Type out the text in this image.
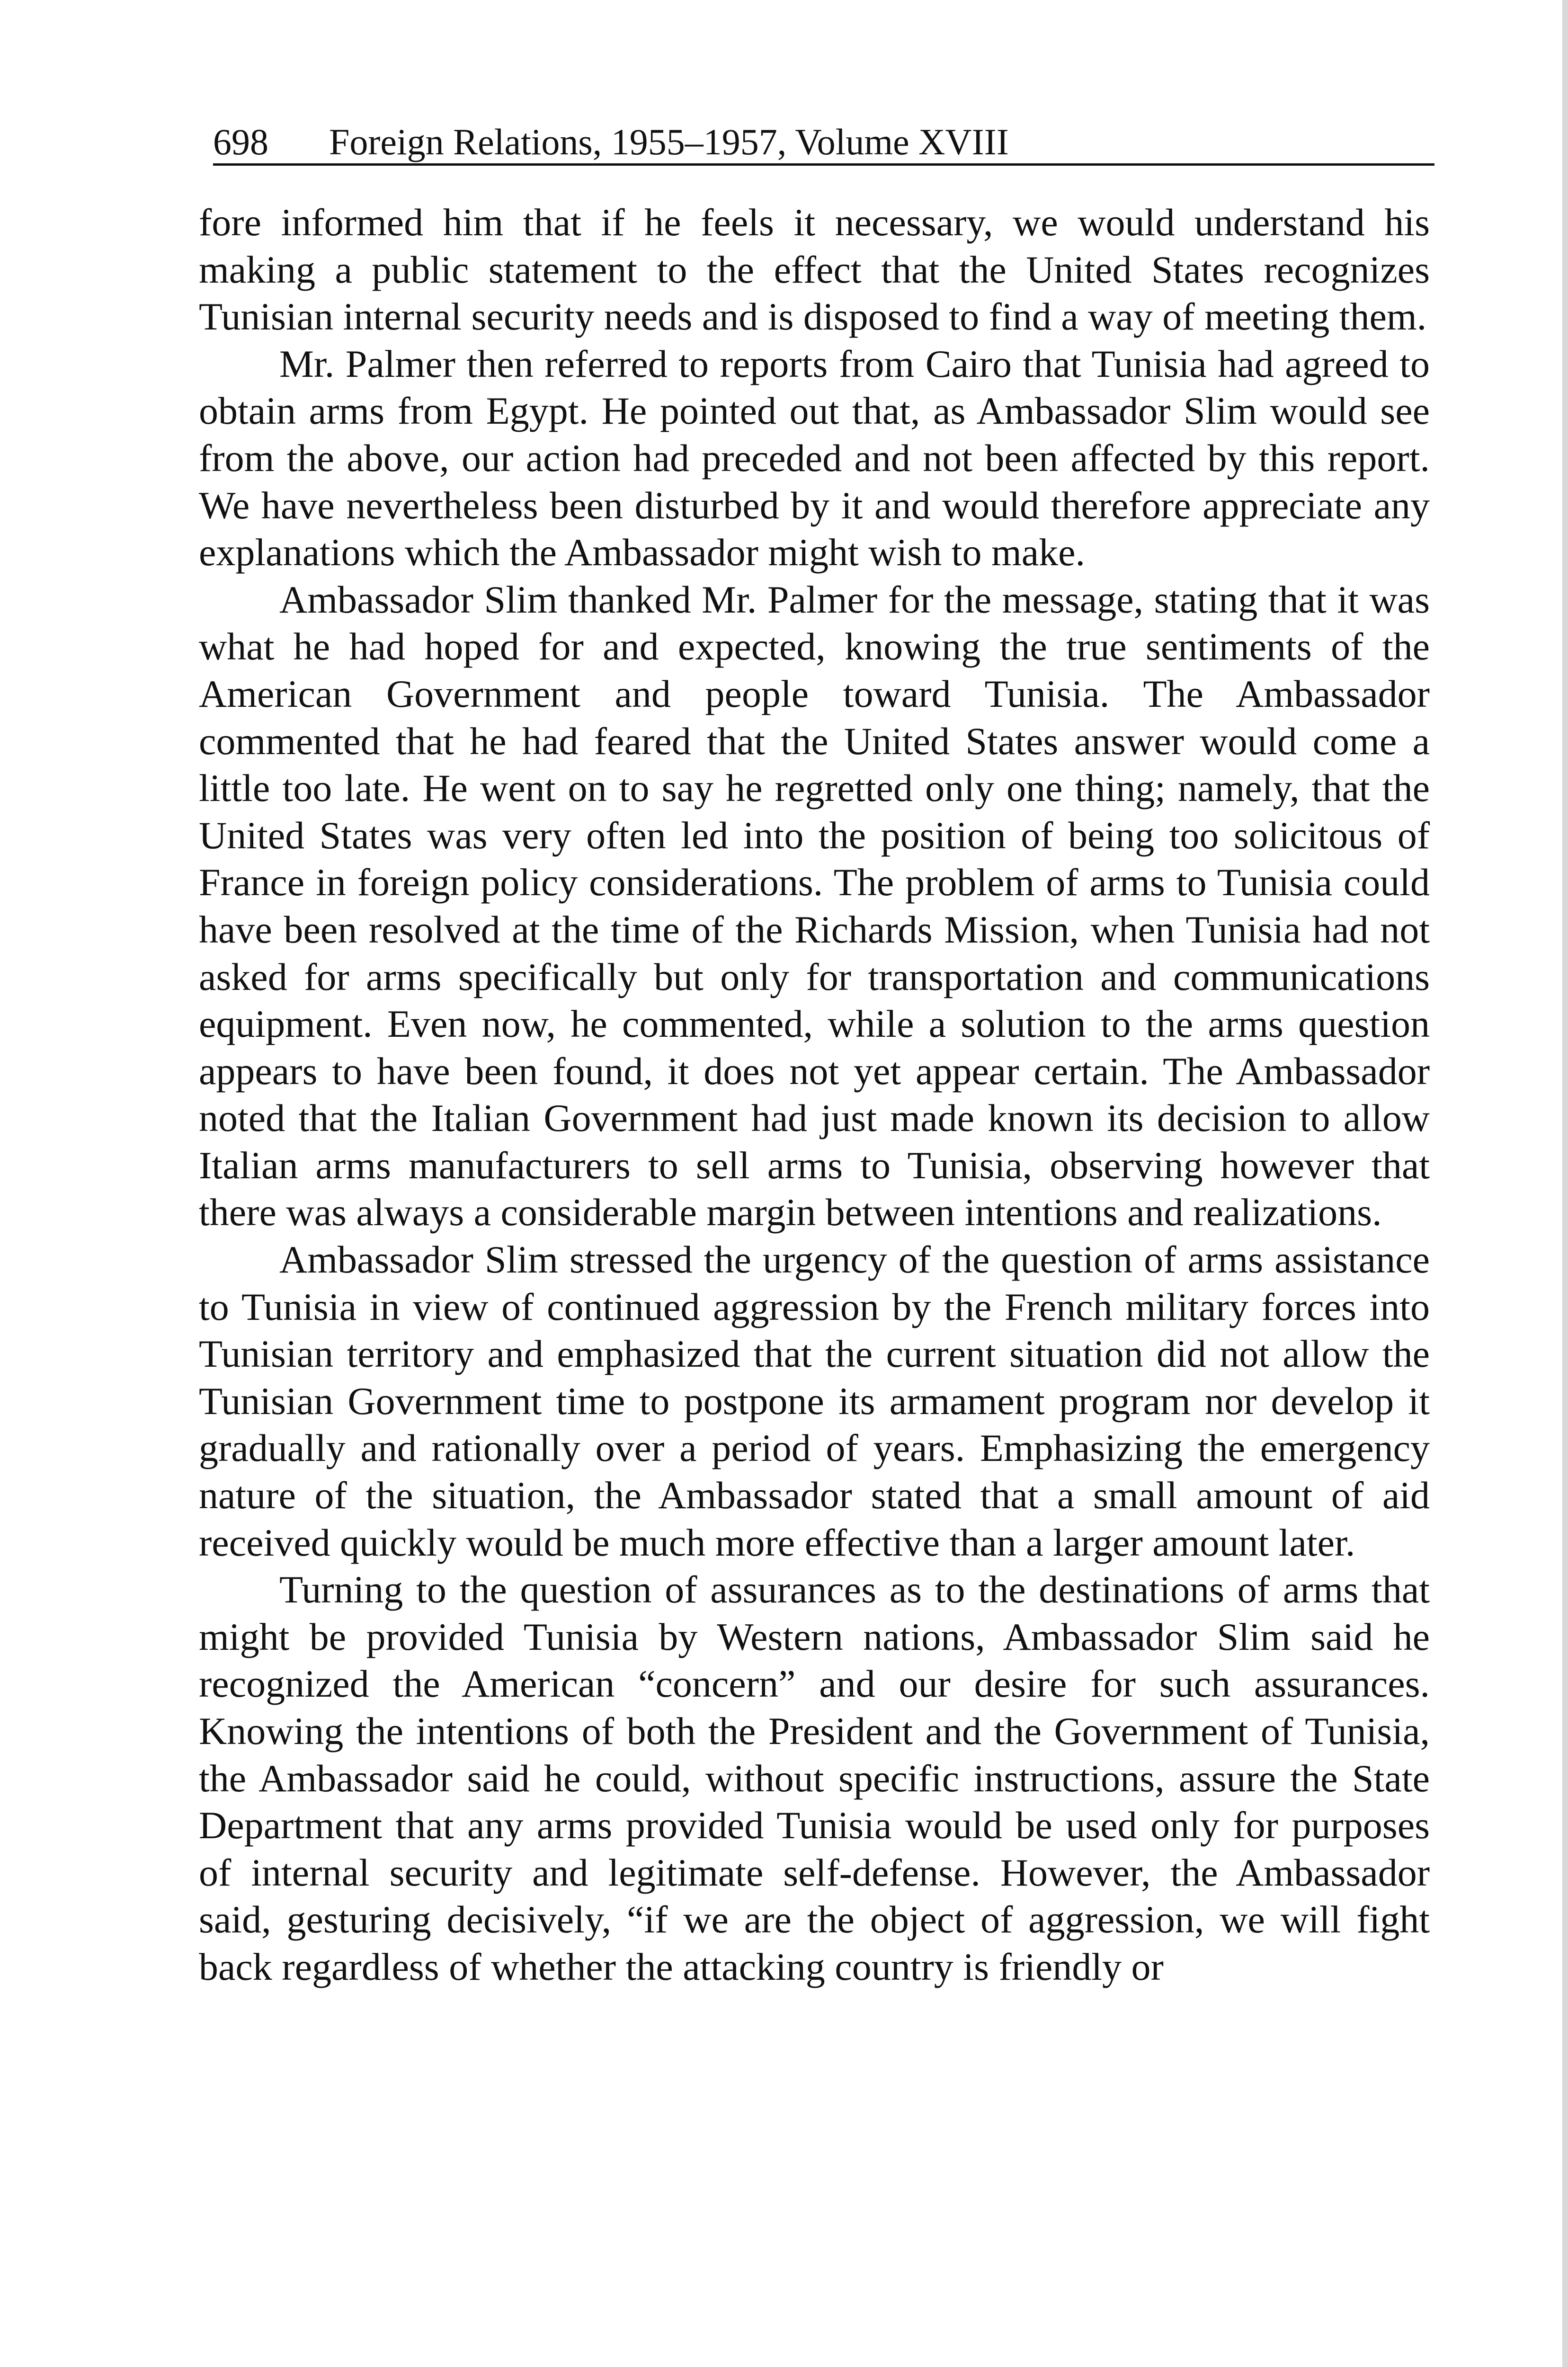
698 Foreign Relations, 1955–1957, Volume XVIII

fore informed him that if he feels it necessary, we would understand his making a public statement to the effect that the United States recognizes Tunisian internal security needs and is disposed to find a way of meeting them.

Mr. Palmer then referred to reports from Cairo that Tunisia had agreed to obtain arms from Egypt. He pointed out that, as Ambassador Slim would see from the above, our action had preceded and not been affected by this report. We have nevertheless been disturbed by it and would therefore appreciate any explanations which the Ambassador might wish to make.

Ambassador Slim thanked Mr. Palmer for the message, stating that it was what he had hoped for and expected, knowing the true sentiments of the American Government and people toward Tunisia. The Ambassador commented that he had feared that the United States answer would come a little too late. He went on to say he regretted only one thing; namely, that the United States was very often led into the position of being too solicitous of France in foreign policy considerations. The problem of arms to Tunisia could have been resolved at the time of the Richards Mission, when Tunisia had not asked for arms specifically but only for transportation and communications equipment. Even now, he commented, while a solution to the arms question appears to have been found, it does not yet appear certain. The Ambassador noted that the Italian Government had just made known its decision to allow Italian arms manufacturers to sell arms to Tunisia, observing however that there was always a considerable margin between intentions and realizations.

Ambassador Slim stressed the urgency of the question of arms assistance to Tunisia in view of continued aggression by the French military forces into Tunisian territory and emphasized that the current situation did not allow the Tunisian Government time to postpone its armament program nor develop it gradually and rationally over a period of years. Emphasizing the emergency nature of the situation, the Ambassador stated that a small amount of aid received quickly would be much more effective than a larger amount later.

Turning to the question of assurances as to the destinations of arms that might be provided Tunisia by Western nations, Ambassador Slim said he recognized the American “concern” and our desire for such assurances. Knowing the intentions of both the President and the Government of Tunisia, the Ambassador said he could, without specific instructions, assure the State Department that any arms provided Tunisia would be used only for purposes of internal security and legitimate self-defense. However, the Ambassador said, gesturing decisively, “if we are the object of aggression, we will fight back regardless of whether the attacking country is friendly or
